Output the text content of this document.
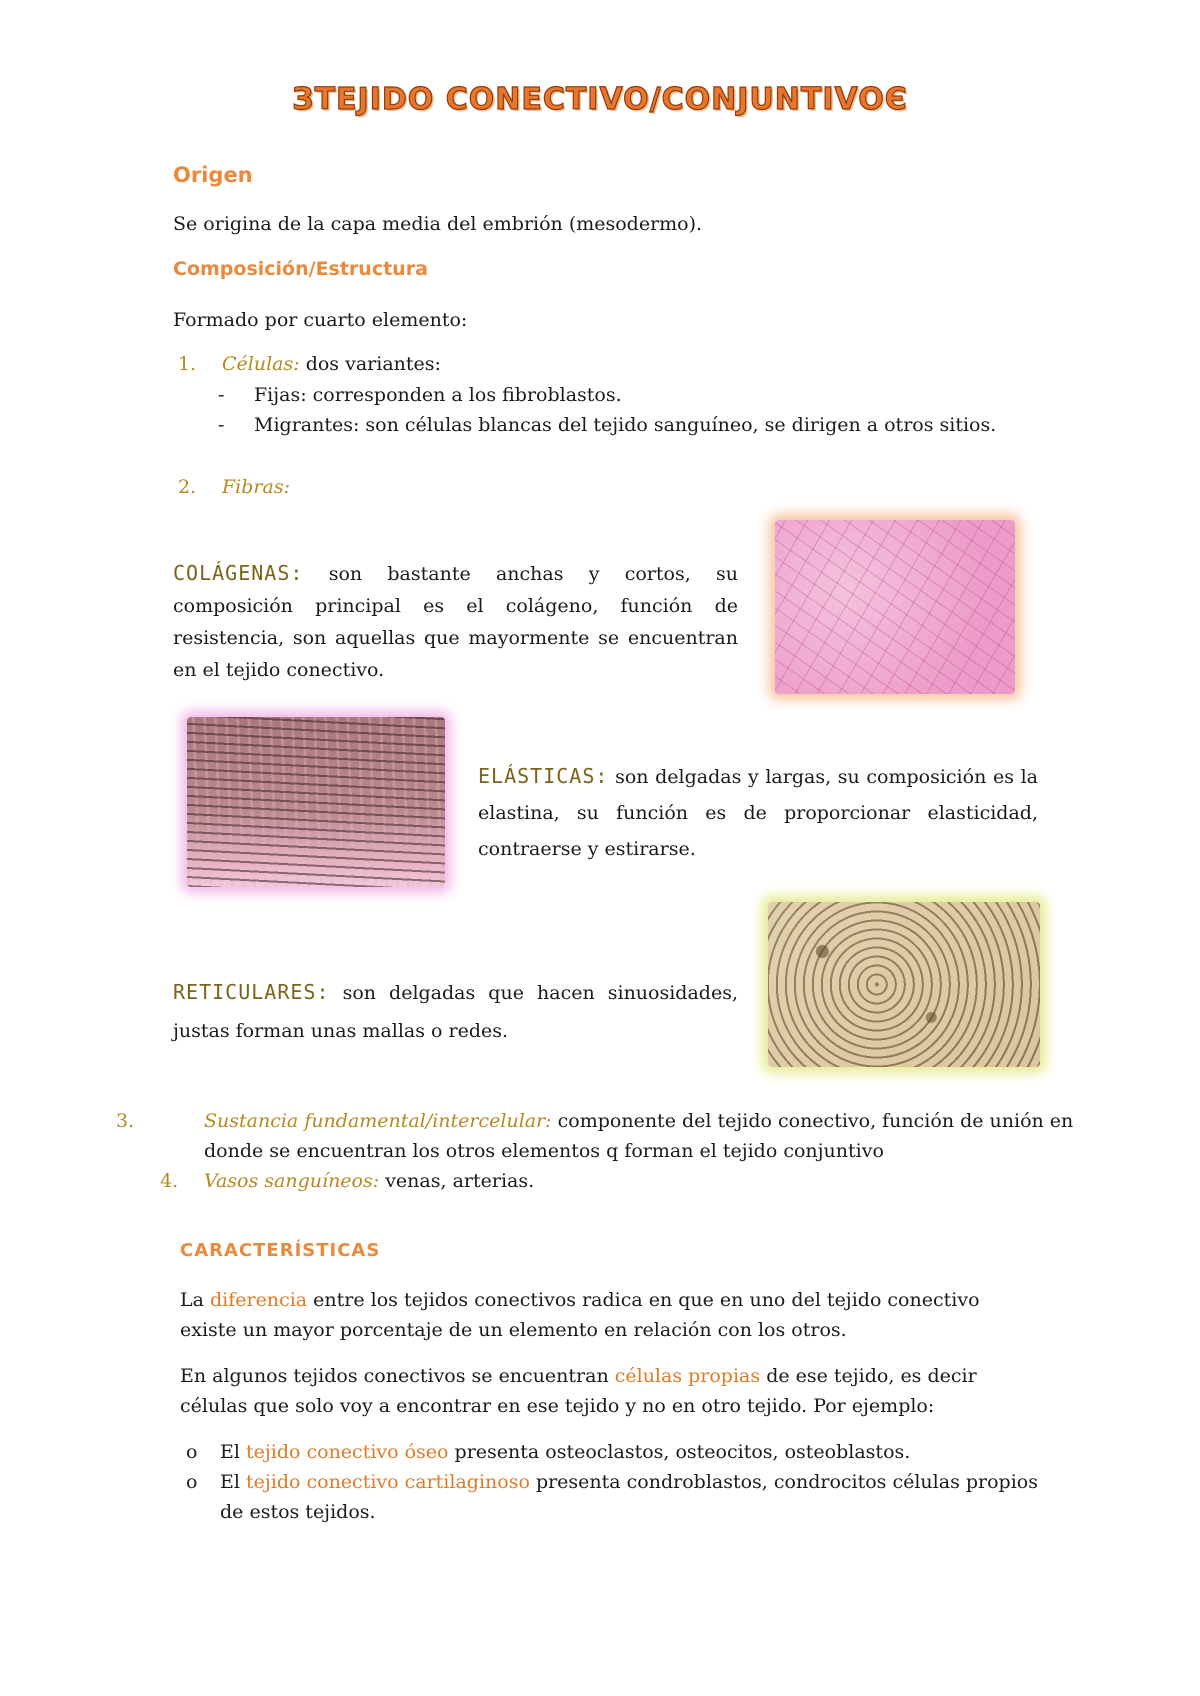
ЗTEJIDO CONECTIVO/CONJUNTIVOЄ
Origen
Se origina de la capa media del embrión (mesodermo).
Composición/Estructura
Formado por cuarto elemento:
1. Células: dos variantes:
- Fijas: corresponden a los fibroblastos.
- Migrantes: son células blancas del tejido sanguíneo, se dirigen a otros sitios.
2. Fibras:
COLÁGENAS: son bastante anchas y cortos, su composición principal es el colágeno, función de resistencia, son aquellas que mayormente se encuentran en el tejido conectivo.
ELÁSTICAS: son delgadas y largas, su composición es la elastina, su función es de proporcionar elasticidad, contraerse y estirarse.
RETICULARES: son delgadas que hacen sinuosidades, justas forman unas mallas o redes.
3.	Sustancia fundamental/intercelular: componente del tejido conectivo, función de unión en donde se encuentran los otros elementos q forman el tejido conjuntivo
4. Vasos sanguíneos: venas, arterias.
CARACTERÍSTICAS
La diferencia entre los tejidos conectivos radica en que en uno del tejido conectivo existe un mayor porcentaje de un elemento en relación con los otros.
En algunos tejidos conectivos se encuentran células propias de ese tejido, es decir células que solo voy a encontrar en ese tejido y no en otro tejido. Por ejemplo:
o El tejido conectivo óseo presenta osteoclastos, osteocitos, osteoblastos.
o El tejido conectivo cartilaginoso presenta condroblastos, condrocitos células propios de estos tejidos.
